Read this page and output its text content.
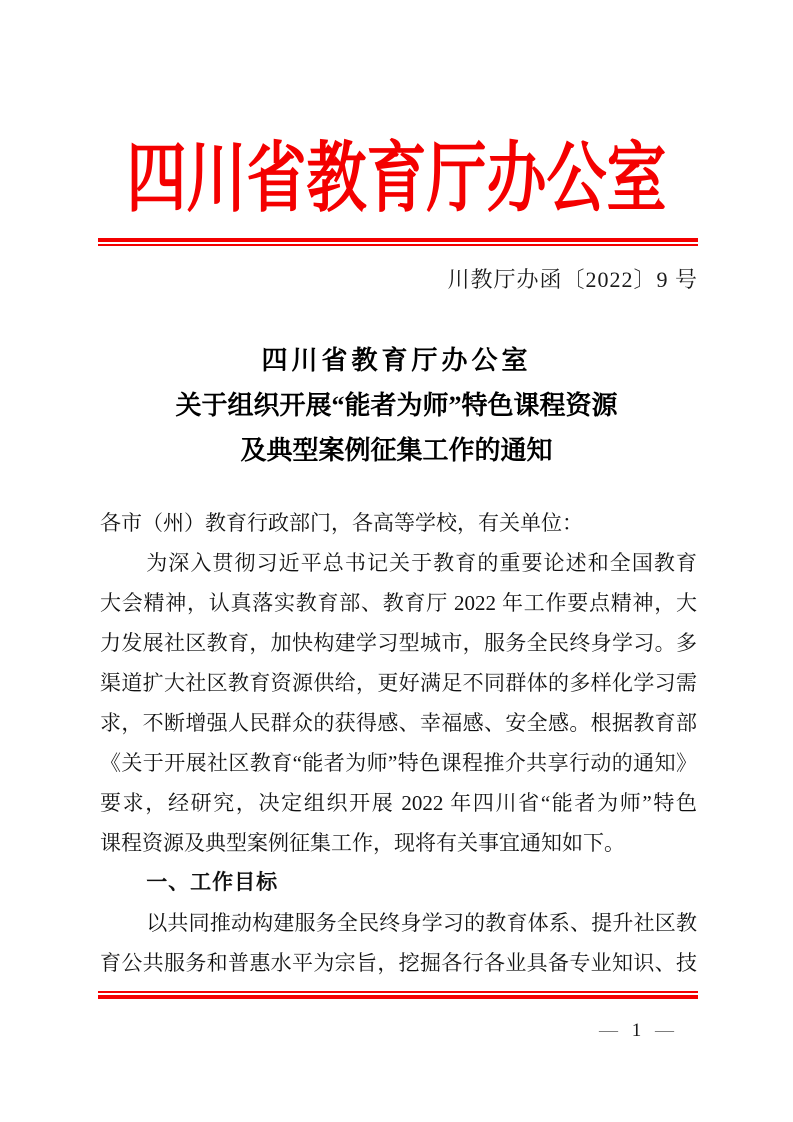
四川省教育厅办公室
川教厅办函〔2022〕9 号
四川省教育厅办公室
关于组织开展“能者为师”特色课程资源
及典型案例征集工作的通知
各市（州）教育行政部门，各高等学校，有关单位：
为深入贯彻习近平总书记关于教育的重要论述和全国教育
大会精神，认真落实教育部、教育厅 2022 年工作要点精神，大
力发展社区教育，加快构建学习型城市，服务全民终身学习。多
渠道扩大社区教育资源供给，更好满足不同群体的多样化学习需
求，不断增强人民群众的获得感、幸福感、安全感。根据教育部
《关于开展社区教育“能者为师”特色课程推介共享行动的通知》
要求，经研究，决定组织开展 2022 年四川省“能者为师”特色
课程资源及典型案例征集工作，现将有关事宜通知如下。
一、工作目标
以共同推动构建服务全民终身学习的教育体系、提升社区教
育公共服务和普惠水平为宗旨，挖掘各行各业具备专业知识、技
— 1 —
